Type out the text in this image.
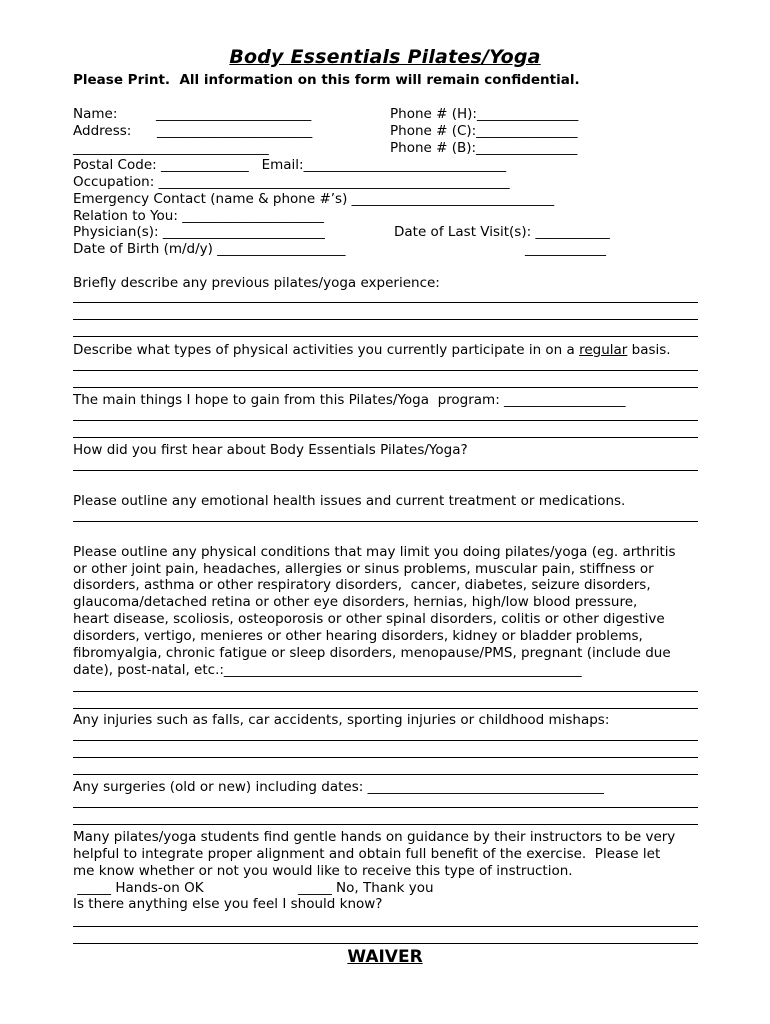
Body Essentials Pilates/Yoga
Please Print.  All information on this form will remain confidential.
Name:         _______________________	Phone # (H):_______________
Address:      _______________________	Phone # (C):_______________
_____________________________	Phone # (B):_______________
Postal Code: _____________   Email:______________________________
Occupation: ____________________________________________________
Emergency Contact (name & phone #’s) ______________________________
Relation to You: _____________________
Physician(s): ________________________	Date of Last Visit(s): ___________
Date of Birth (m/d/y) ___________________	____________
Briefly describe any previous pilates/yoga experience:
Describe what types of physical activities you currently participate in on a regular basis.
The main things I hope to gain from this Pilates/Yoga  program: __________________
How did you first hear about Body Essentials Pilates/Yoga?
Please outline any emotional health issues and current treatment or medications.
Please outline any physical conditions that may limit you doing pilates/yoga (eg. arthritis
or other joint pain, headaches, allergies or sinus problems, muscular pain, stiffness or
disorders, asthma or other respiratory disorders,  cancer, diabetes, seizure disorders,
glaucoma/detached retina or other eye disorders, hernias, high/low blood pressure,
heart disease, scoliosis, osteoporosis or other spinal disorders, colitis or other digestive
disorders, vertigo, menieres or other hearing disorders, kidney or bladder problems,
fibromyalgia, chronic fatigue or sleep disorders, menopause/PMS, pregnant (include due
date), post-natal, etc.:_____________________________________________________
Any injuries such as falls, car accidents, sporting injuries or childhood mishaps:
Any surgeries (old or new) including dates: ___________________________________
Many pilates/yoga students find gentle hands on guidance by their instructors to be very
helpful to integrate proper alignment and obtain full benefit of the exercise.  Please let
me know whether or not you would like to receive this type of instruction.
_____ Hands-on OK	_____ No, Thank you
Is there anything else you feel I should know?
WAIVER
